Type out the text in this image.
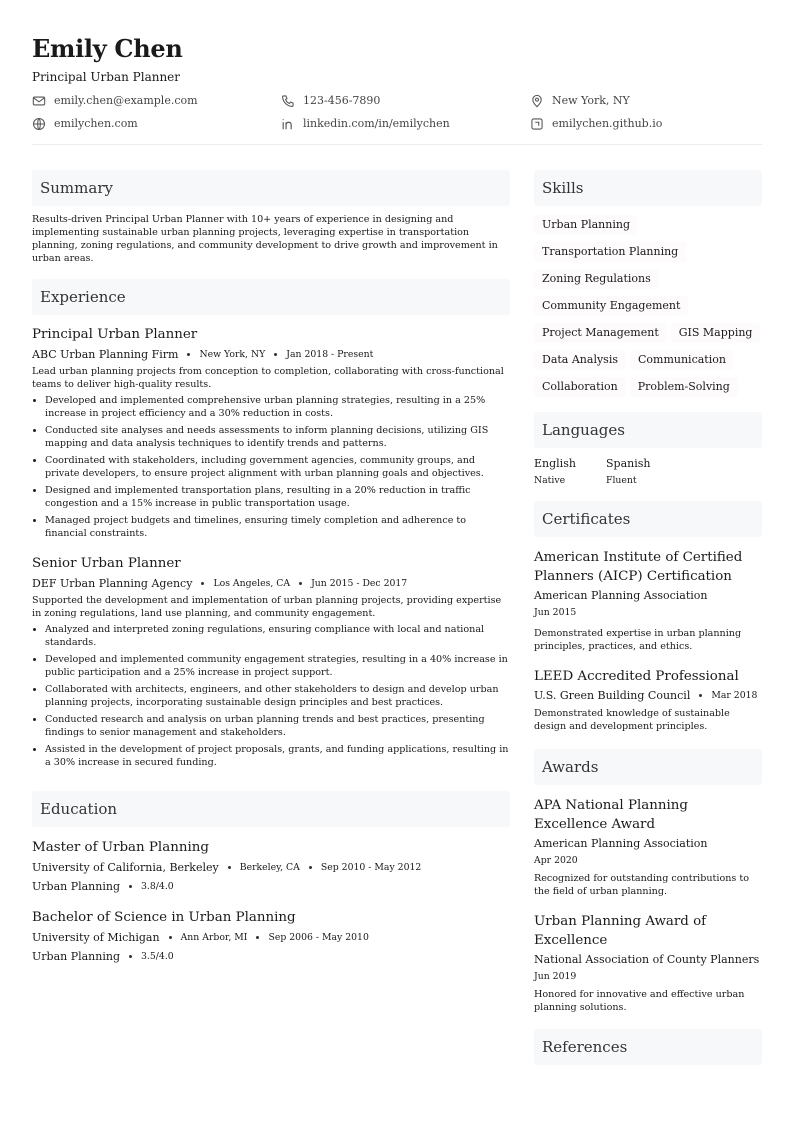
Emily Chen
Principal Urban Planner
emily.chen@example.com	123-456-7890	New York, NY
emilychen.com	linkedin.com/in/emilychen	emilychen.github.io
Summary
Results-driven Principal Urban Planner with 10+ years of experience in designing and implementing sustainable urban planning projects, leveraging expertise in transportation planning, zoning regulations, and community development to drive growth and improvement in urban areas.
Experience
Principal Urban Planner
ABC Urban Planning Firm New York, NY Jan 2018 - Present
Lead urban planning projects from conception to completion, collaborating with cross-functional teams to deliver high-quality results.
Developed and implemented comprehensive urban planning strategies, resulting in a 25% increase in project efficiency and a 30% reduction in costs.
Conducted site analyses and needs assessments to inform planning decisions, utilizing GIS mapping and data analysis techniques to identify trends and patterns.
Coordinated with stakeholders, including government agencies, community groups, and private developers, to ensure project alignment with urban planning goals and objectives.
Designed and implemented transportation plans, resulting in a 20% reduction in traffic congestion and a 15% increase in public transportation usage.
Managed project budgets and timelines, ensuring timely completion and adherence to financial constraints.
Senior Urban Planner
DEF Urban Planning Agency Los Angeles, CA Jun 2015 - Dec 2017
Supported the development and implementation of urban planning projects, providing expertise in zoning regulations, land use planning, and community engagement.
Analyzed and interpreted zoning regulations, ensuring compliance with local and national standards.
Developed and implemented community engagement strategies, resulting in a 40% increase in public participation and a 25% increase in project support.
Collaborated with architects, engineers, and other stakeholders to design and develop urban planning projects, incorporating sustainable design principles and best practices.
Conducted research and analysis on urban planning trends and best practices, presenting findings to senior management and stakeholders.
Assisted in the development of project proposals, grants, and funding applications, resulting in a 30% increase in secured funding.
Education
Master of Urban Planning
University of California, Berkeley Berkeley, CA Sep 2010 - May 2012
Urban Planning 3.8/4.0
Bachelor of Science in Urban Planning
University of Michigan Ann Arbor, MI Sep 2006 - May 2010
Urban Planning 3.5/4.0
Skills
Urban Planning
Transportation Planning
Zoning Regulations
Community Engagement
Project Management	GIS Mapping
Data Analysis	Communication
Collaboration	Problem-Solving
Languages
English
Native
Spanish
Fluent
Certificates
American Institute of Certified Planners (AICP) Certification
American Planning Association
Jun 2015
Demonstrated expertise in urban planning principles, practices, and ethics.
LEED Accredited Professional
U.S. Green Building Council Mar 2018
Demonstrated knowledge of sustainable design and development principles.
Awards
APA National Planning Excellence Award
American Planning Association
Apr 2020
Recognized for outstanding contributions to the field of urban planning.
Urban Planning Award of Excellence
National Association of County Planners
Jun 2019
Honored for innovative and effective urban planning solutions.
References
